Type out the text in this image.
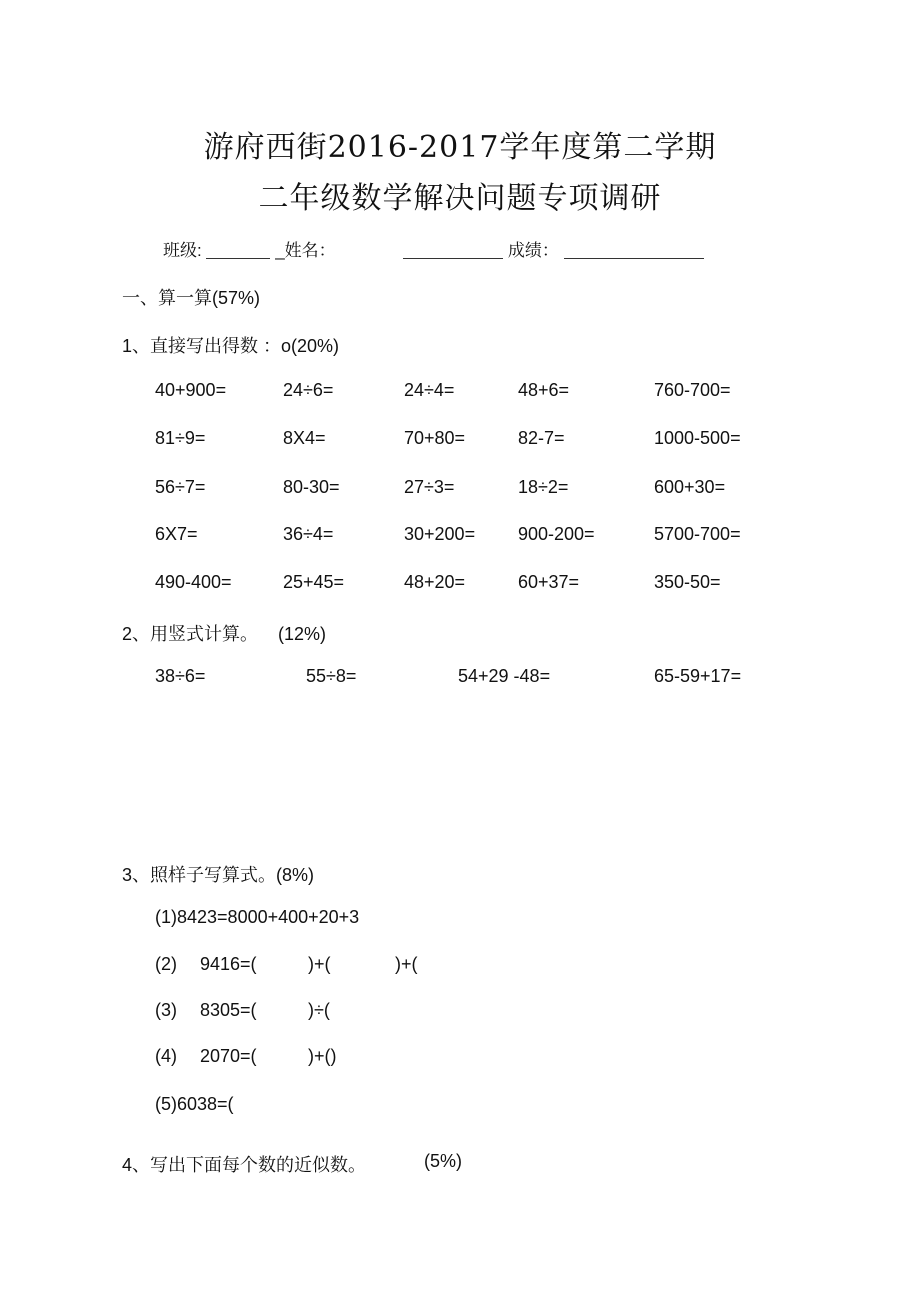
游府西街2016-2017学年度第二学期
二年级数学解决问题专项调研
班级:	_姓名：	成绩：
一、算一算(57%)
1、直接写出得数 ：o(20%)
40+900=	24÷6=	24÷4=	48+6=	760-700=
81÷9=	8X4=	70+80=	82-7=	1000-500=
56÷7=	80-30=	27÷3=	18÷2=	600+30=
6X7=	36÷4=	30+200= 900-200=	5700-700=
490-400=	25+45=	48+20=	60+37=	350-50=
2、用竖式计算。    (12%)
38÷6=	55÷8=	54+29 -48=	65-59+17=
3、照样子写算式。(8%)
(1)8423=8000+400+20+3
(2) 9416=(	)+(	)+(
(3) 8305=(	)÷(
(4) 2070=(	)+()
(5)6038=(
4、写出下面每个数的近似数。	(5%)
